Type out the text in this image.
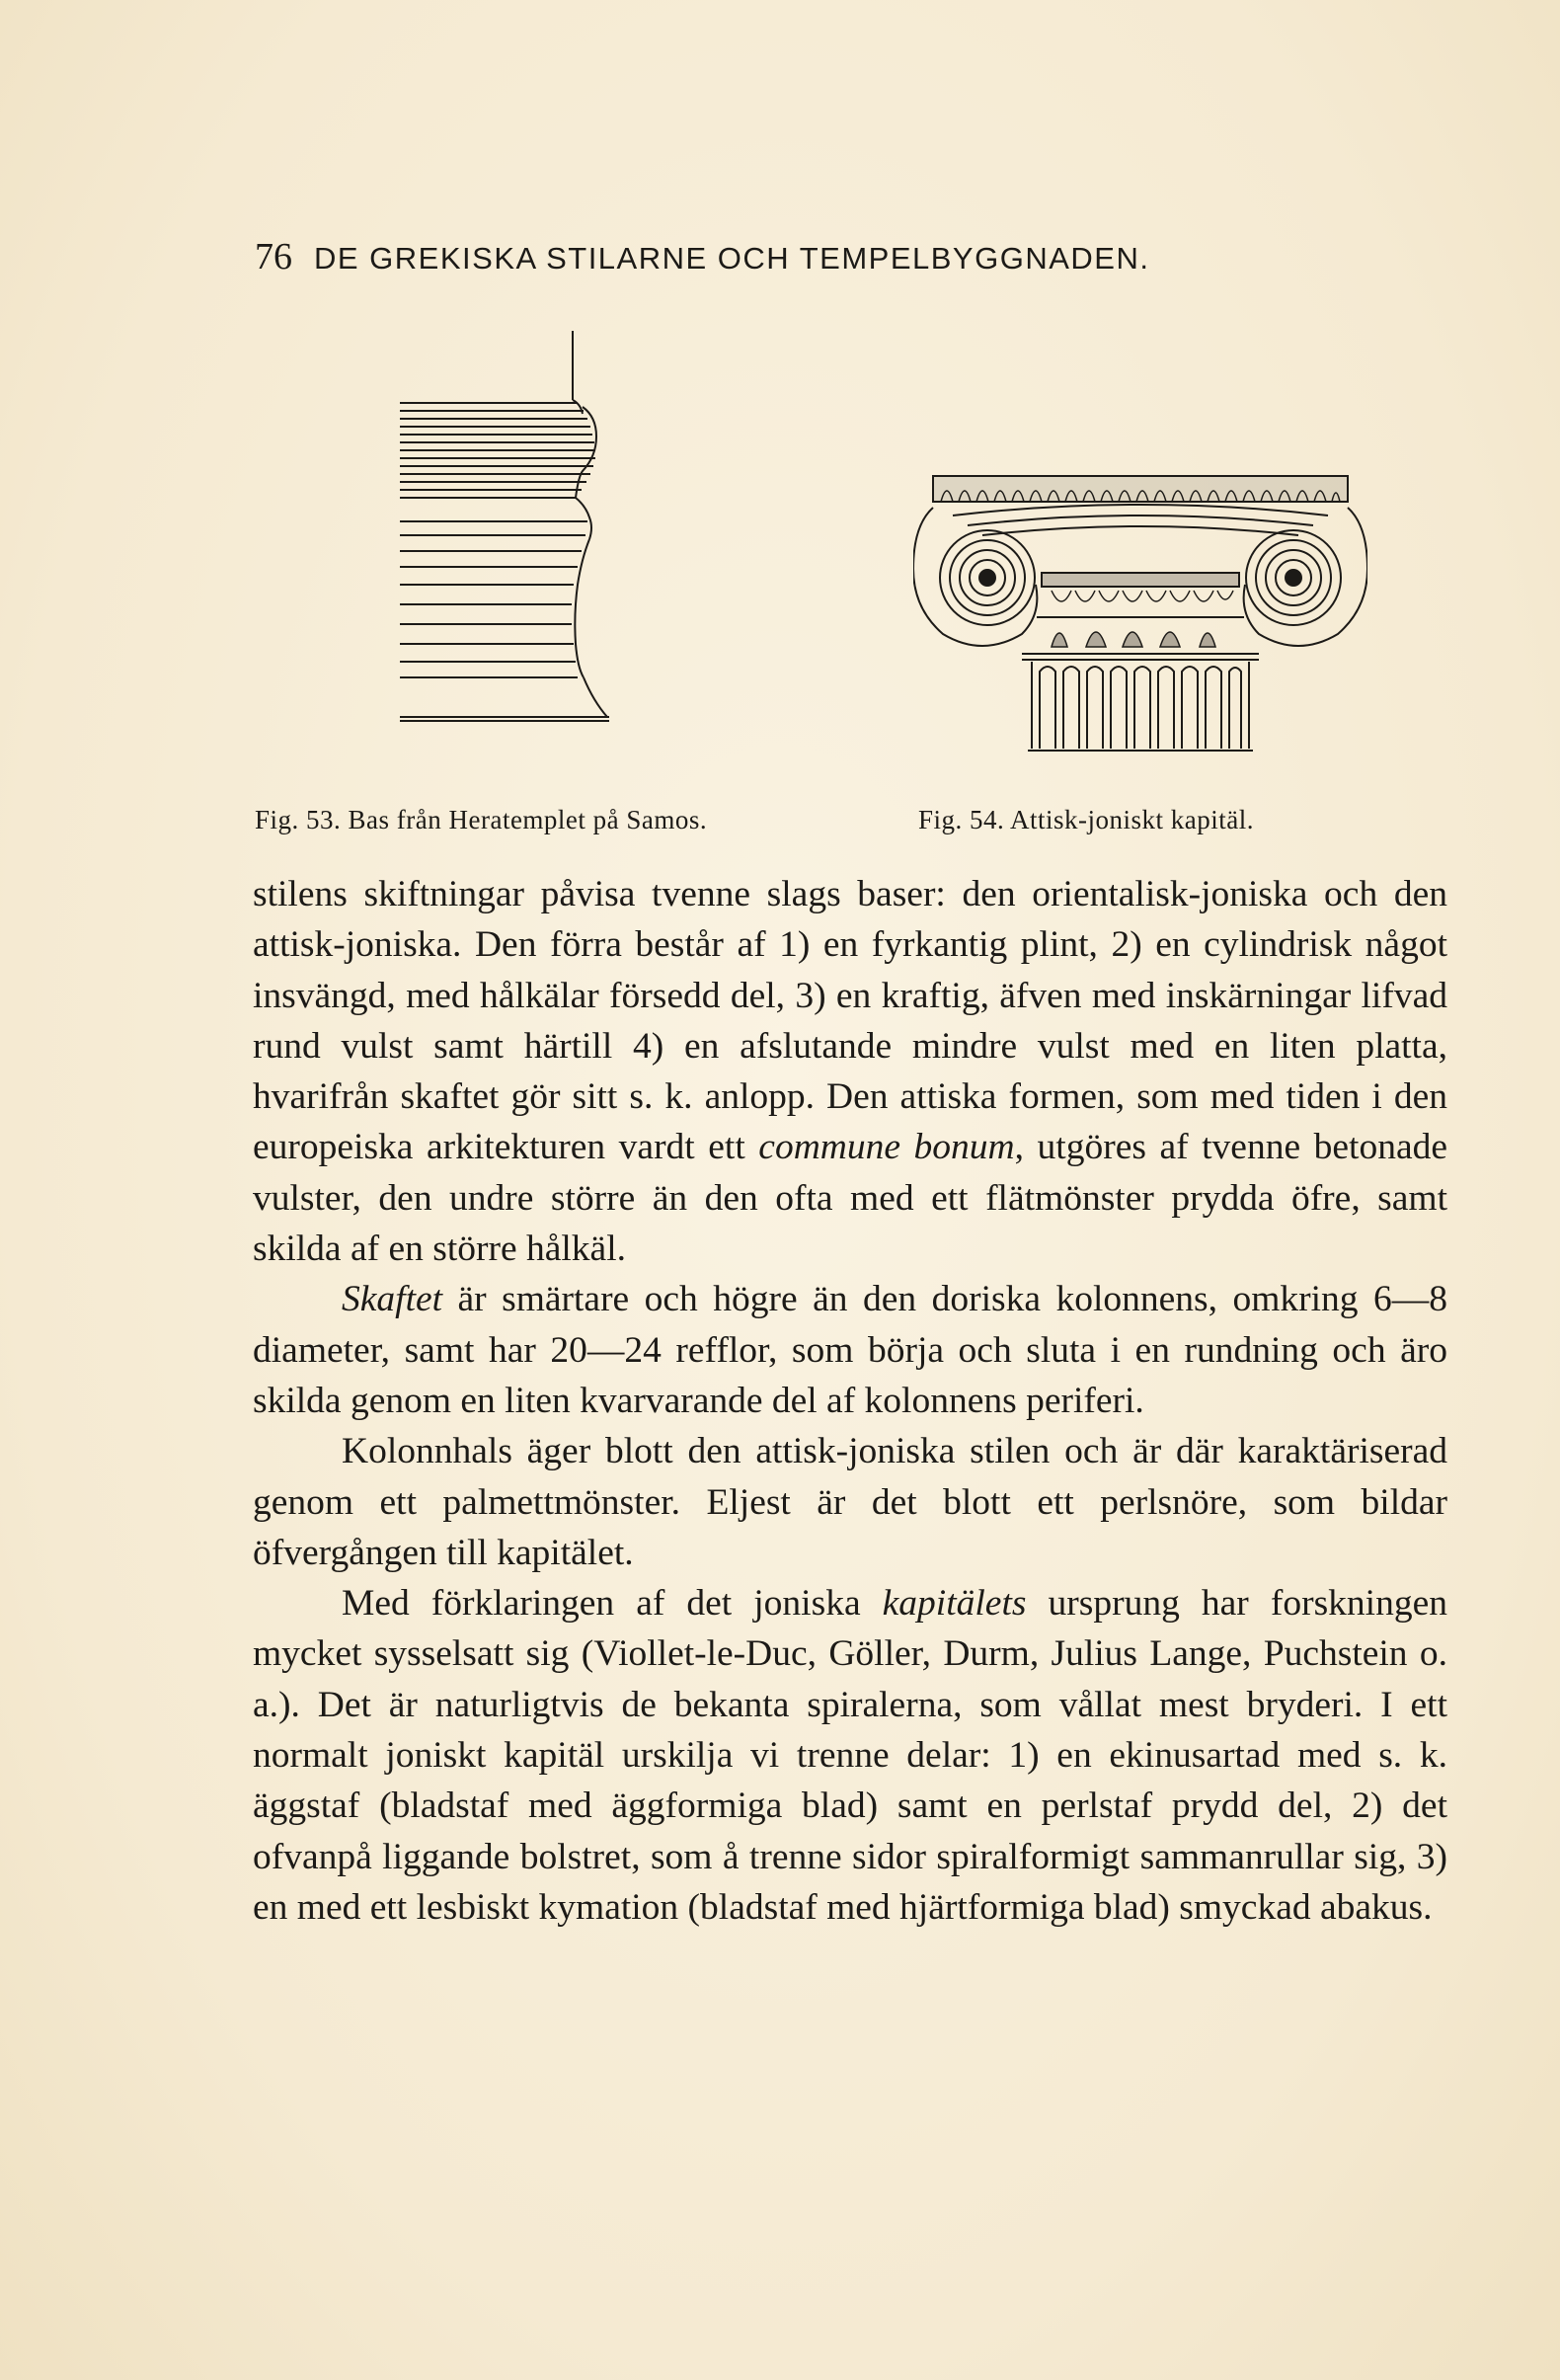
76 DE GREKISKA STILARNE OCH TEMPELBYGGNADEN.
Fig. 53. Bas från Heratemplet på Samos.	Fig. 54. Attisk-joniskt kapitäl.

stilens skiftningar påvisa tvenne slags baser: den orientalisk-joniska och den attisk-joniska. Den förra består af 1) en fyrkantig plint, 2) en cylindrisk något insvängd, med hålkälar försedd del, 3) en kraftig, äfven med inskärningar lifvad rund vulst samt härtill 4) en afslutande mindre vulst med en liten platta, hvarifrån skaftet gör sitt s. k. anlopp. Den attiska formen, som med tiden i den europeiska arkitekturen vardt ett commune bonum, utgöres af tvenne betonade vulster, den undre större än den ofta med ett flätmönster prydda öfre, samt skilda af en större hålkäl.

Skaftet är smärtare och högre än den doriska kolonnens, omkring 6—8 diameter, samt har 20—24 refflor, som börja och sluta i en rundning och äro skilda genom en liten kvarvarande del af kolonnens periferi.

Kolonnhals äger blott den attisk-joniska stilen och är där karaktäriserad genom ett palmettmönster. Eljest är det blott ett perlsnöre, som bildar öfvergången till kapitälet.

Med förklaringen af det joniska kapitälets ursprung har forskningen mycket sysselsatt sig (Viollet-le-Duc, Göller, Durm, Julius Lange, Puchstein o. a.). Det är naturligtvis de bekanta spiralerna, som vållat mest bryderi. I ett normalt joniskt kapitäl urskilja vi trenne delar: 1) en ekinusartad med s. k. äggstaf (bladstaf med äggformiga blad) samt en perlstaf prydd del, 2) det ofvanpå liggande bolstret, som å trenne sidor spiralformigt sammanrullar sig, 3) en med ett lesbiskt kymation (bladstaf med hjärtformiga blad) smyckad abakus.
